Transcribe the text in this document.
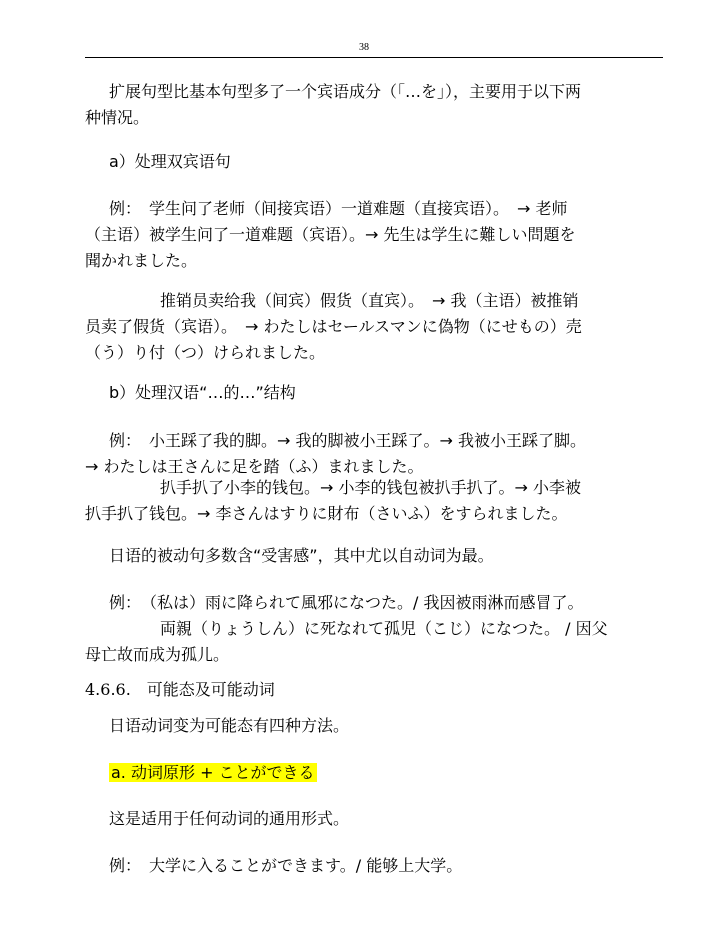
38
扩展句型比基本句型多了一个宾语成分（「…を」），主要用于以下两
种情况。
a）处理双宾语句
例：　学生问了老师（间接宾语）一道难题（直接宾语）。　→ 老师
（主语）被学生问了一道难题（宾语）。→ 先生は学生に難しい問題を
聞かれました。
推销员卖给我（间宾）假货（直宾）。　→ 我（主语）被推销
员卖了假货（宾语）。　→ わたしはセールスマンに偽物（にせもの）売
（う）り付（つ）けられました。
b）处理汉语“…的…”结构
例：　小王踩了我的脚。→ 我的脚被小王踩了。→ 我被小王踩了脚。
→ わたしは王さんに足を踏（ふ）まれました。
扒手扒了小李的钱包。→ 小李的钱包被扒手扒了。→ 小李被
扒手扒了钱包。→ 李さんはすりに財布（さいふ）をすられました。
日语的被动句多数含“受害感”，其中尤以自动词为最。
例：　（私は）雨に降られて風邪になつた。/ 我因被雨淋而感冒了。
両親（りょうしん）に死なれて孤児（こじ）になつた。 / 因父
母亡故而成为孤儿。
4.6.6.　可能态及可能动词
日语动词变为可能态有四种方法。
a. 动词原形 + ことができる
这是适用于任何动词的通用形式。
例：　大学に入ることができます。/ 能够上大学。
